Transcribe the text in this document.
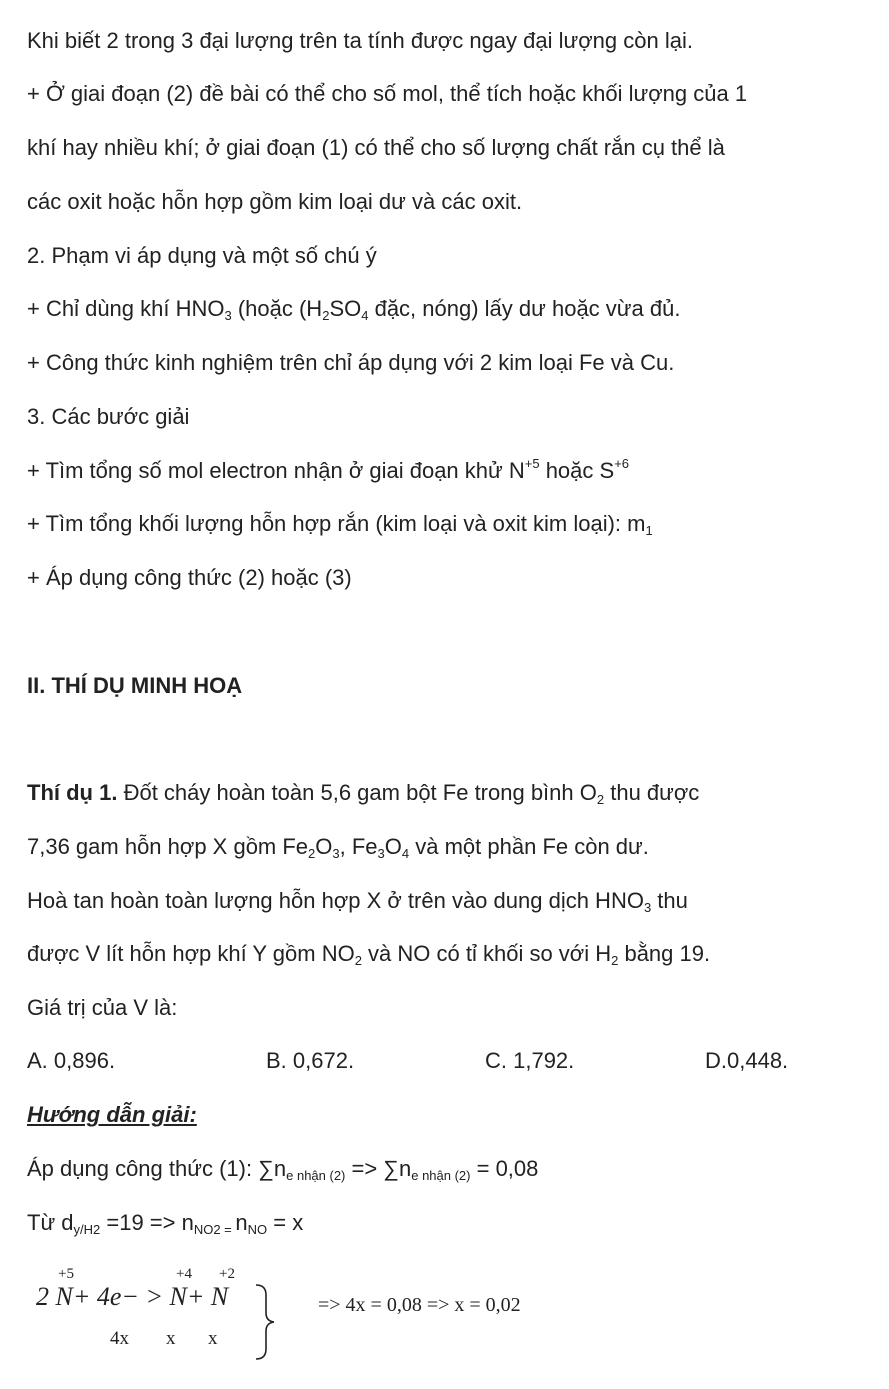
Khi biết 2 trong 3 đại lượng trên ta tính được ngay đại lượng còn lại.
+ Ở giai đoạn (2) đề bài có thể cho số mol, thể tích hoặc khối lượng của 1
khí hay nhiều khí; ở giai đoạn (1) có thể cho số lượng chất rắn cụ thể là
các oxit hoặc hỗn hợp gồm kim loại dư và các oxit.
2. Phạm vi áp dụng và một số chú ý
+ Chỉ dùng khí $HNO_3$ (hoặc ($H_2SO_4$ đặc, nóng) lấy dư hoặc vừa đủ.
+ Công thức kinh nghiệm trên chỉ áp dụng với 2 kim loại Fe và Cu.
3. Các bước giải
+ Tìm tổng số mol electron nhận ở giai đoạn khử $N^{+5}$ hoặc $S^{+6}$
+ Tìm tổng khối lượng hỗn hợp rắn (kim loại và oxit kim loại): $m_1$
+ Áp dụng công thức (2) hoặc (3)
II. THÍ DỤ MINH HOẠ
Thí dụ 1. Đốt cháy hoàn toàn 5,6 gam bột Fe trong bình $O_2$ thu được
7,36 gam hỗn hợp X gồm $Fe_2O_3$, $Fe_3O_4$ và một phần Fe còn dư.
Hoà tan hoàn toàn lượng hỗn hợp X ở trên vào dung dịch $HNO_3$ thu
được V lít hỗn hợp khí Y gồm $NO_2$ và NO có tỉ khối so với $H_2$ bằng 19.
Giá trị của V là:
A. 0,896.	B. 0,672.	C. 1,792.	D.0,448.
Hướng dẫn giải:
Áp dụng công thức (1): $\sum n_{e nhận (2)} => \sum n_{e nhận (2)} = 0,08$
Từ $d_{y/H2} =19 => n_{NO2 =}$ $n_{NO} = x$
+5	+4 +2
2 N+ 4e− > N+ N
4x x x
=> 4x = 0,08 => x = 0,02
